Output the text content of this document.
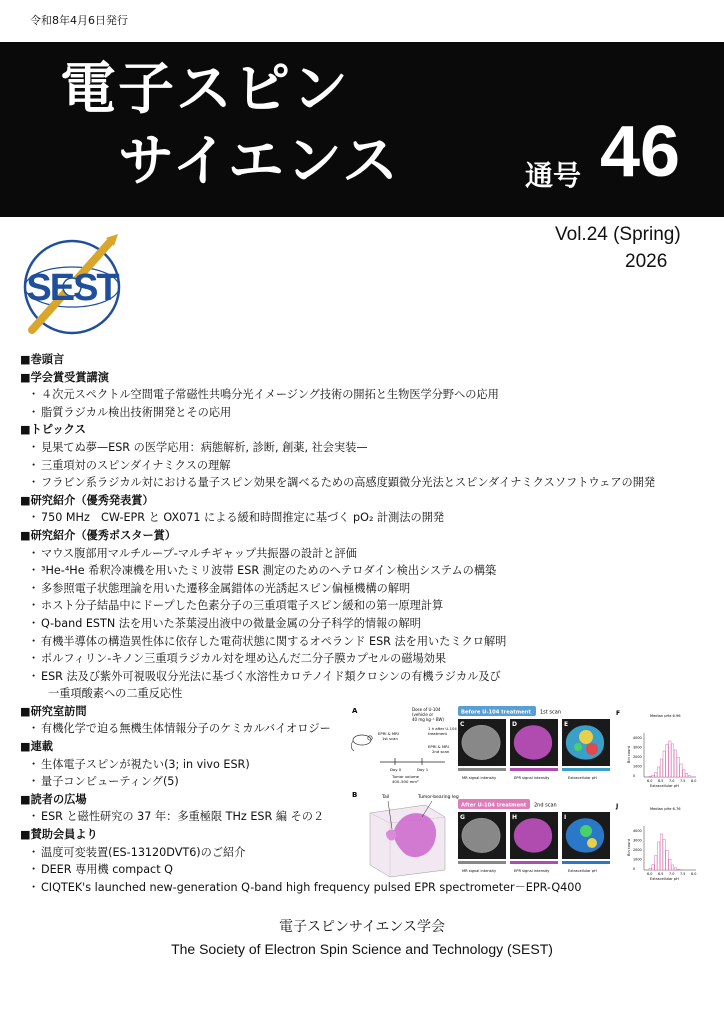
令和8年4月6日発行
電子スピン
サイエンス	通号 46
Vol.24 (Spring)
2026
SEST
■巻頭言
■学会賞受賞講演
・ ４次元スペクトル空間電子常磁性共鳴分光イメージング技術の開拓と生物医学分野への応用
・ 脂質ラジカル検出技術開発とその応用
■トピックス
・ 見果てぬ夢—ESR の医学応用：病態解析, 診断, 創薬, 社会実装—
・ 三重項対のスピンダイナミクスの理解
・ フラビン系ラジカル対における量子スピン効果を調べるための高感度顕微分光法とスピンダイナミクスソフトウェアの開発
■研究紹介（優秀発表賞）
・ 750 MHz　CW-EPR と OX071 による緩和時間推定に基づく pO₂ 計測法の開発
■研究紹介（優秀ポスター賞）
・ マウス腹部用マルチループ-マルチギャップ共振器の設計と評価
・ ³He-⁴He 希釈冷凍機を用いたミリ波帯 ESR 測定のためのヘテロダイン検出システムの構築
・ 多参照電子状態理論を用いた遷移金属錯体の光誘起スピン偏極機構の解明
・ ホスト分子結晶中にドープした色素分子の三重項電子スピン緩和の第一原理計算
・ Q-band ESTN 法を用いた茶葉浸出液中の微量金属の分子科学的情報の解明
・ 有機半導体の構造異性体に依存した電荷状態に関するオペランド ESR 法を用いたミクロ解明
・ ポルフィリン-キノン三重項ラジカル対を埋め込んだ二分子膜カプセルの磁場効果
・ ESR 法及び紫外可視吸収分光法に基づく水溶性カロテノイド類クロシンの有機ラジカル及び
一重項酸素への二重反応性
■研究室訪問
・ 有機化学で迫る無機生体情報分子のケミカルバイオロジー
■連載
・ 生体電子スピンが視たい(3; in vivo ESR)
・ 量子コンピューティング(5)
■読者の広場
・ ESR と磁性研究の 37 年：多重極限 THz ESR 編 その２
■賛助会員より
・ 温度可変装置(ES-13120DVT6)のご紹介
・ DEER 専用機 compact Q
・ CIQTEK's launched new-generation Q-band high frequency pulsed EPR spectrometer－EPR-Q400
A	Dose of U-104
(vehicle or
40 mg kg⁻¹ BW)
1 h after U-104
treatment
EPRI & MRI
1st scan
EPRI & MRI
2nd scan
Day 0	Day 1
Tumor volume
400–500 mm³
B	Tail	Tumor-bearing leg
Before U-104 treatment 1st scan
C	D	E
MR signal intensity	EPR signal intensity	Extracellular pH
F	Median pHe 6.96
6.0 6.5 7.0 7.5 8.0
4000
3000
2000
1000
0
Extracellular pH
Bin count
After U-104 treatment 2nd scan
G	H	I
MR signal intensity	EPR signal intensity	Extracellular pH
J	Median pHe 6.76
6.0 6.5 7.0 7.5 8.0
4000
3000
2000
1000
0
Extracellular pH
Bin count
電子スピンサイエンス学会
The Society of Electron Spin Science and Technology (SEST)
